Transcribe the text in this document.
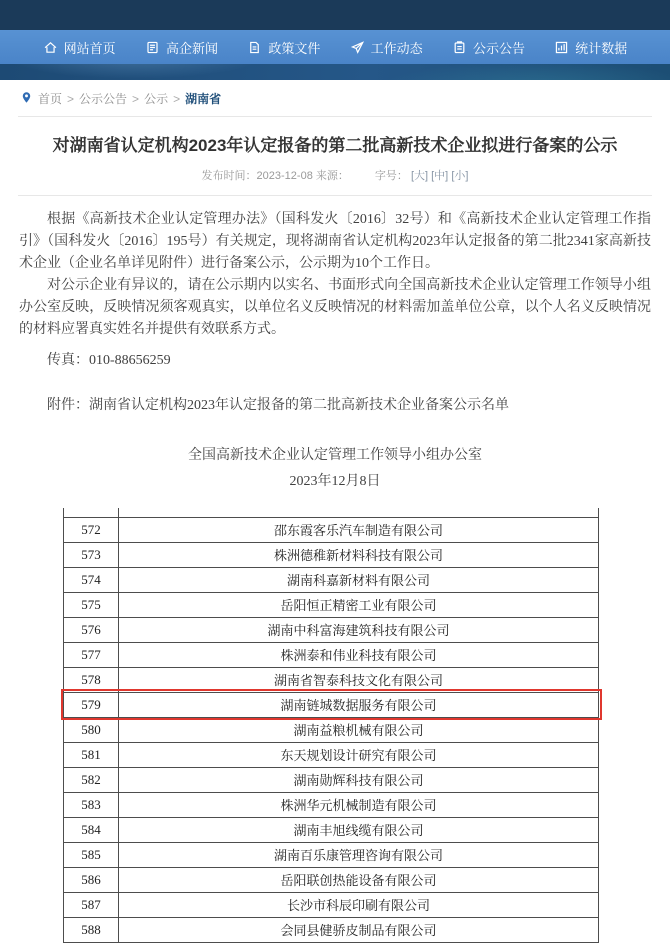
网站首页	高企新闻	政策文件	工作动态	公示公告	统计数据
首页 > 公示公告 > 公示 > 湖南省
对湖南省认定机构2023年认定报备的第二批高新技术企业拟进行备案的公示
发布时间：2023-12-08 来源： 字号： [大] [中] [小]

根据《高新技术企业认定管理办法》（国科发火〔2016〕32号）和《高新技术企业认定管理工作指引》（国科发火〔2016〕195号）有关规定，现将湖南省认定机构2023年认定报备的第二批2341家高新技术企业（企业名单详见附件）进行备案公示，公示期为10个工作日。

对公示企业有异议的，请在公示期内以实名、书面形式向全国高新技术企业认定管理工作领导小组办公室反映，反映情况须客观真实，以单位名义反映情况的材料需加盖单位公章，以个人名义反映情况的材料应署真实姓名并提供有效联系方式。

传真：010-88656259

附件：湖南省认定机构2023年认定报备的第二批高新技术企业备案公示名单

全国高新技术企业认定管理工作领导小组办公室
2023年12月8日

572	邵东霞客乐汽车制造有限公司
573	株洲德稚新材料科技有限公司
574	湖南科嘉新材料有限公司
575	岳阳恒正精密工业有限公司
576	湖南中科富海建筑科技有限公司
577	株洲泰和伟业科技有限公司
578	湖南省智泰科技文化有限公司
579	湖南链城数据服务有限公司
580	湖南益粮机械有限公司
581	东天规划设计研究有限公司
582	湖南勋辉科技有限公司
583	株洲华元机械制造有限公司
584	湖南丰旭线缆有限公司
585	湖南百乐康管理咨询有限公司
586	岳阳联创热能设备有限公司
587	长沙市科辰印刷有限公司
588	会同县健骄皮制品有限公司
